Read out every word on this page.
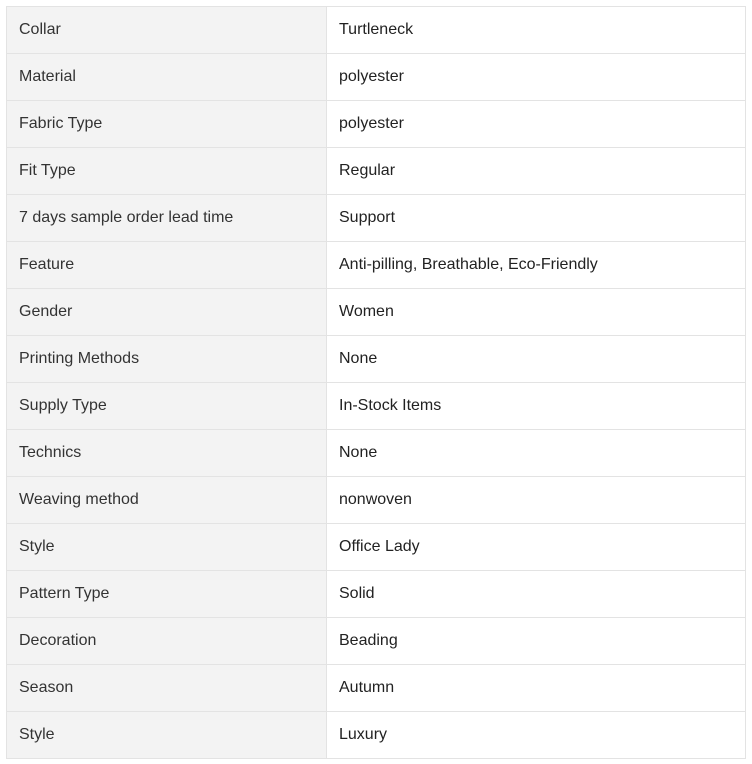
Collar	Turtleneck
Material	polyester
Fabric Type	polyester
Fit Type	Regular
7 days sample order lead time	Support
Feature	Anti-pilling, Breathable, Eco-Friendly
Gender	Women
Printing Methods	None
Supply Type	In-Stock Items
Technics	None
Weaving method	nonwoven
Style	Office Lady
Pattern Type	Solid
Decoration	Beading
Season	Autumn
Style	Luxury
